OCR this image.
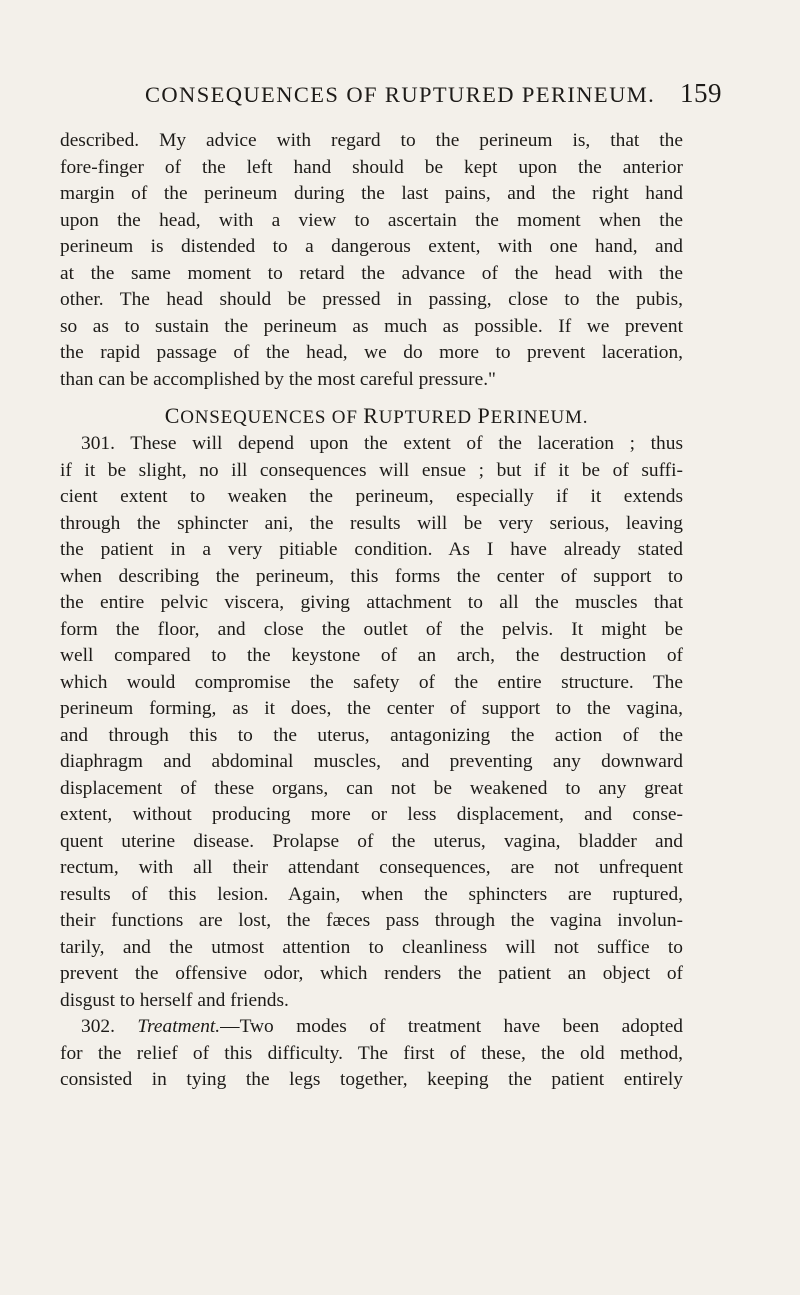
CONSEQUENCES OF RUPTURED PERINEUM. 159
described. My advice with regard to the perineum is, that the
fore-finger of the left hand should be kept upon the anterior
margin of the perineum during the last pains, and the right hand
upon the head, with a view to ascertain the moment when the
perineum is distended to a dangerous extent, with one hand, and
at the same moment to retard the advance of the head with the
other. The head should be pressed in passing, close to the pubis,
so as to sustain the perineum as much as possible. If we prevent
the rapid passage of the head, we do more to prevent laceration,
than can be accomplished by the most careful pressure."
CONSEQUENCES OF RUPTURED PERINEUM.
301. These will depend upon the extent of the laceration ; thus
if it be slight, no ill consequences will ensue ; but if it be of suffi-
cient extent to weaken the perineum, especially if it extends
through the sphincter ani, the results will be very serious, leaving
the patient in a very pitiable condition. As I have already stated
when describing the perineum, this forms the center of support to
the entire pelvic viscera, giving attachment to all the muscles that
form the floor, and close the outlet of the pelvis. It might be
well compared to the keystone of an arch, the destruction of
which would compromise the safety of the entire structure. The
perineum forming, as it does, the center of support to the vagina,
and through this to the uterus, antagonizing the action of the
diaphragm and abdominal muscles, and preventing any downward
displacement of these organs, can not be weakened to any great
extent, without producing more or less displacement, and conse-
quent uterine disease. Prolapse of the uterus, vagina, bladder and
rectum, with all their attendant consequences, are not unfrequent
results of this lesion. Again, when the sphincters are ruptured,
their functions are lost, the fæces pass through the vagina involun-
tarily, and the utmost attention to cleanliness will not suffice to
prevent the offensive odor, which renders the patient an object of
disgust to herself and friends.
302. Treatment.—Two modes of treatment have been adopted
for the relief of this difficulty. The first of these, the old method,
consisted in tying the legs together, keeping the patient entirely
